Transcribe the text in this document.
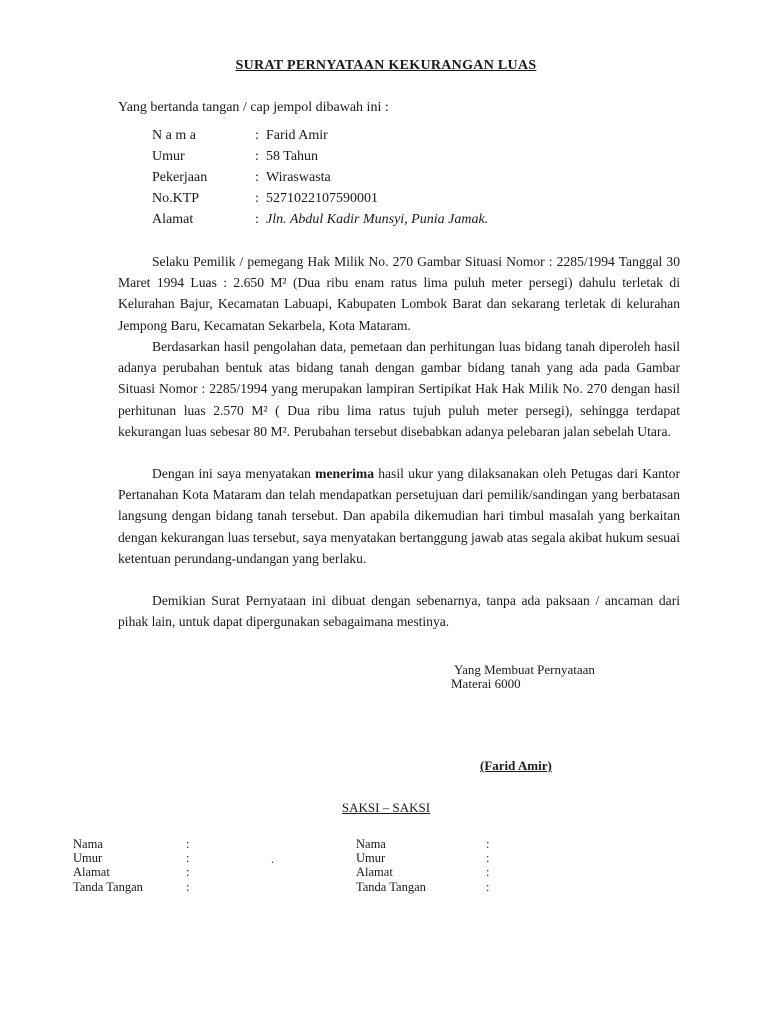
SURAT PERNYATAAN KEKURANGAN LUAS
Yang bertanda tangan / cap jempol dibawah ini :
N a m a	: Farid Amir
Umur	: 58 Tahun
Pekerjaan	: Wiraswasta
No.KTP	: 5271022107590001
Alamat	: Jln. Abdul Kadir Munsyi, Punia Jamak.

Selaku Pemilik / pemegang Hak Milik No. 270 Gambar Situasi Nomor : 2285/1994 Tanggal 30 Maret 1994 Luas : 2.650 M² (Dua ribu enam ratus lima puluh meter persegi) dahulu terletak di Kelurahan Bajur, Kecamatan Labuapi, Kabupaten Lombok Barat dan sekarang terletak di kelurahan Jempong Baru, Kecamatan Sekarbela, Kota Mataram.

Berdasarkan hasil pengolahan data, pemetaan dan perhitungan luas bidang tanah diperoleh hasil adanya perubahan bentuk atas bidang tanah dengan gambar bidang tanah yang ada pada Gambar Situasi Nomor : 2285/1994 yang merupakan lampiran Sertipikat Hak Hak Milik No. 270 dengan hasil perhitunan luas 2.570 M² ( Dua ribu lima ratus tujuh puluh meter persegi), sehingga terdapat kekurangan luas sebesar 80 M². Perubahan tersebut disebabkan adanya pelebaran jalan sebelah Utara.

Dengan ini saya menyatakan menerima hasil ukur yang dilaksanakan oleh Petugas dari Kantor Pertanahan Kota Mataram dan telah mendapatkan persetujuan dari pemilik/sandingan yang berbatasan langsung dengan bidang tanah tersebut. Dan apabila dikemudian hari timbul masalah yang berkaitan dengan kekurangan luas tersebut, saya menyatakan bertanggung jawab atas segala akibat hukum sesuai ketentuan perundang-undangan yang berlaku.

Demikian Surat Pernyataan ini dibuat dengan sebenarnya, tanpa ada paksaan / ancaman dari pihak lain, untuk dapat dipergunakan sebagaimana mestinya.

Yang Membuat Pernyataan
Materai 6000
(Farid Amir)
SAKSI – SAKSI
Nama	:
Umur	:
Alamat	:
Tanda Tangan	:
.
Nama	:
Umur	:
Alamat	:
Tanda Tangan	:
